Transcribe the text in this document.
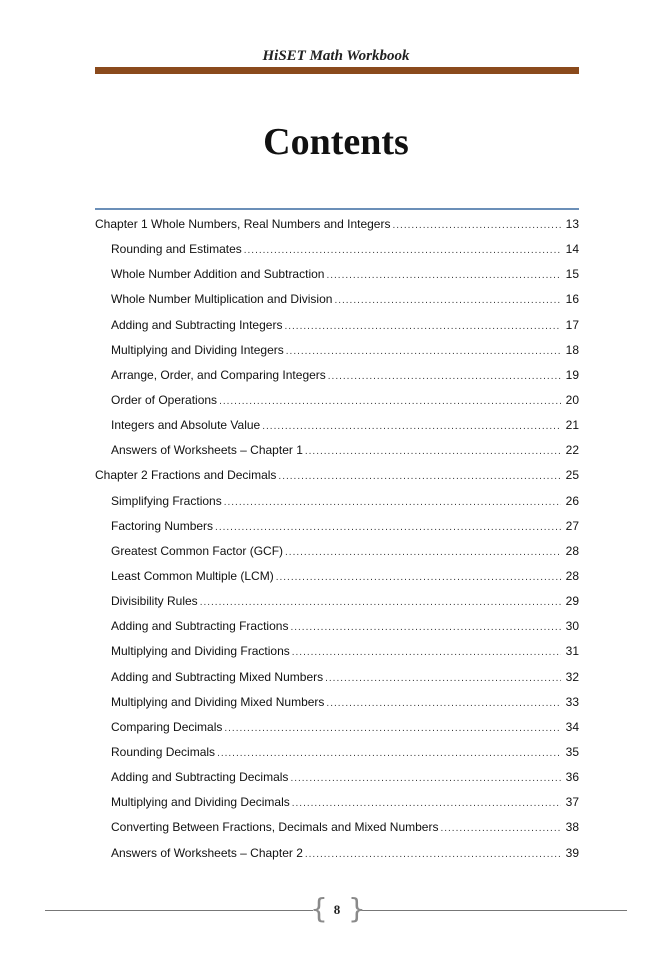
HiSET Math Workbook
Contents
Chapter 1 Whole Numbers, Real Numbers and Integers .....	13
Rounding and Estimates .....	14
Whole Number Addition and Subtraction .....	15
Whole Number Multiplication and Division .....	16
Adding and Subtracting Integers .....	17
Multiplying and Dividing Integers .....	18
Arrange, Order, and Comparing Integers .....	19
Order of Operations .....	20
Integers and Absolute Value .....	21
Answers of Worksheets – Chapter 1 .....	22
Chapter 2 Fractions and Decimals .....	25
Simplifying Fractions .....	26
Factoring Numbers .....	27
Greatest Common Factor (GCF) .....	28
Least Common Multiple (LCM) .....	28
Divisibility Rules .....	29
Adding and Subtracting Fractions .....	30
Multiplying and Dividing Fractions .....	31
Adding and Subtracting Mixed Numbers .....	32
Multiplying and Dividing Mixed Numbers .....	33
Comparing Decimals .....	34
Rounding Decimals .....	35
Adding and Subtracting Decimals .....	36
Multiplying and Dividing Decimals .....	37
Converting Between Fractions, Decimals and Mixed Numbers .....	38
Answers of Worksheets – Chapter 2 .....	39
{ }
8
